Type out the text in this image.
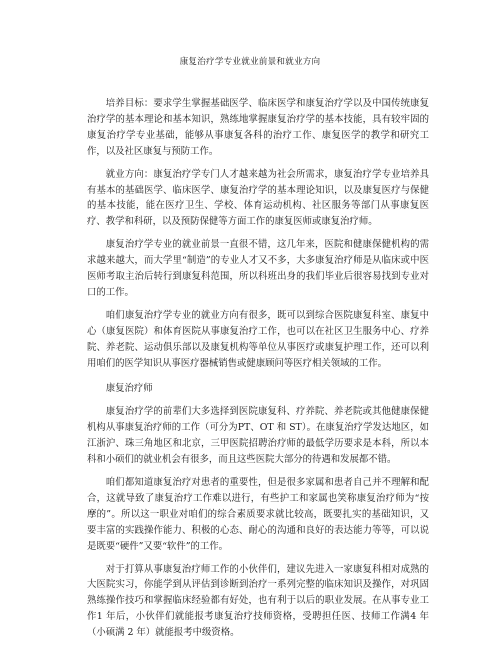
康复治疗学专业就业前景和就业方向

培养目标：要求学生掌握基础医学、临床医学和康复治疗学以及中国传统康复治疗学的基本理论和基本知识，熟练地掌握康复治疗学的基本技能，具有较牢固的康复治疗学专业基础，能够从事康复各科的治疗工作、康复医学的教学和研究工作，以及社区康复与预防工作。

就业方向：康复治疗学专门人才越来越为社会所需求，康复治疗学专业培养具有基本的基础医学、临床医学、康复治疗学的基本理论知识，以及康复医疗与保健的基本技能，能在医疗卫生、学校、体育运动机构、社区服务等部门从事康复医疗、教学和科研，以及预防保健等方面工作的康复医师或康复治疗师。

康复治疗学专业的就业前景一直很不错，这几年来，医院和健康保健机构的需求越来越大，而大学里“制造”的专业人才又不多，大多康复治疗师是从临床或中医医师考取主治后转行到康复科范围，所以科班出身的我们毕业后很容易找到专业对口的工作。

咱们康复治疗学专业的就业方向有很多，既可以到综合医院康复科室、康复中心（康复医院）和体育医院从事康复治疗工作，也可以在社区卫生服务中心、疗养院、养老院、运动俱乐部以及康复机构等单位从事医疗或康复护理工作，还可以利用咱们的医学知识从事医疗器械销售或健康顾问等医疗相关领域的工作。

康复治疗师

康复治疗学的前辈们大多选择到医院康复科、疗养院、养老院或其他健康保健机构从事康复治疗师的工作（可分为PT、OT 和 ST）。在康复治疗学发达地区，如江浙沪、珠三角地区和北京，三甲医院招聘治疗师的最低学历要求是本科，所以本科和小硕们的就业机会有很多，而且这些医院大部分的待遇和发展都不错。

咱们都知道康复治疗对患者的重要性，但是很多家属和患者自己并不理解和配合，这就导致了康复治疗工作难以进行，有些护工和家属也笑称康复治疗师为“按摩的”。所以这一职业对咱们的综合素质要求就比较高，既要扎实的基础知识，又要丰富的实践操作能力、积极的心态、耐心的沟通和良好的表达能力等等，可以说是既要“硬件”又要“软件”的工作。

对于打算从事康复治疗师工作的小伙伴们，建议先进入一家康复科相对成熟的大医院实习，你能学到从评估到诊断到治疗一系列完整的临床知识及操作，对巩固熟练操作技巧和掌握临床经验都有好处，也有利于以后的职业发展。在从事专业工作1 年后，小伙伴们就能报考康复治疗技师资格，受聘担任医、技师工作满4 年（小硕满 2 年）就能报考中级资格。
